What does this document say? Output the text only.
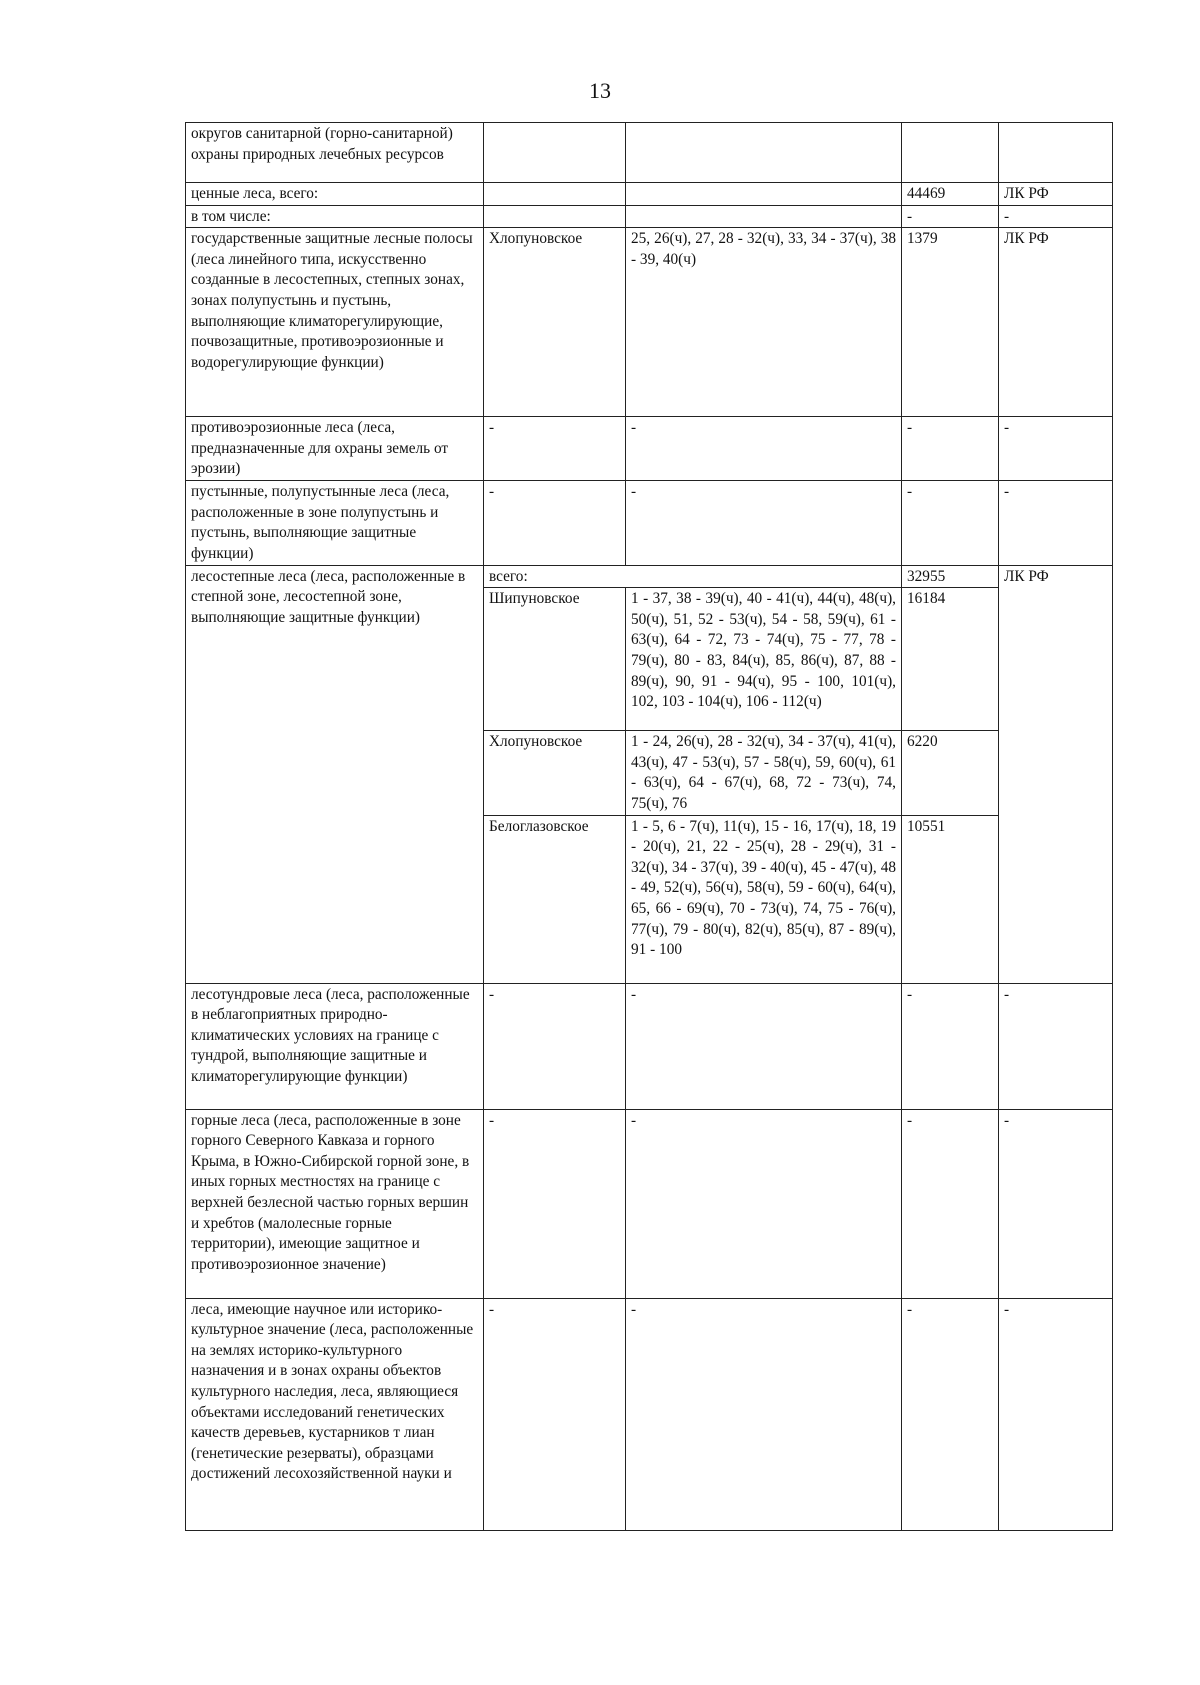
13
округов санитарной (горно-санитарной) охраны природных лечебных ресурсов				
ценные леса, всего:			44469	ЛК РФ
в том числе:			-	-
государственные защитные лесные полосы (леса линейного типа, искусственно созданные в лесостепных, степных зонах, зонах полупустынь и пустынь, выполняющие климаторегулирующие, почвозащитные, противоэрозионные и водорегулирующие функции)	Хлопуновское	25, 26(ч), 27, 28 - 32(ч), 33, 34 - 37(ч), 38 - 39, 40(ч)	1379	ЛК РФ
противоэрозионные леса (леса, предназначенные для охраны земель от эрозии)	-	-	-	-
пустынные, полупустынные леса (леса, расположенные в зоне полупустынь и пустынь, выполняющие защитные функции)	-	-	-	-
лесостепные леса (леса, расположенные в степной зоне, лесостепной зоне, выполняющие защитные функции)	всего:		32955	ЛК РФ
	Шипуновское	1 - 37, 38 - 39(ч), 40 - 41(ч), 44(ч), 48(ч), 50(ч), 51, 52 - 53(ч), 54 - 58, 59(ч), 61 - 63(ч), 64 - 72, 73 - 74(ч), 75 - 77, 78 - 79(ч), 80 - 83, 84(ч), 85, 86(ч), 87, 88 - 89(ч), 90, 91 - 94(ч), 95 - 100, 101(ч), 102, 103 - 104(ч), 106 - 112(ч)	16184	
	Хлопуновское	1 - 24, 26(ч), 28 - 32(ч), 34 - 37(ч), 41(ч), 43(ч), 47 - 53(ч), 57 - 58(ч), 59, 60(ч), 61 - 63(ч), 64 - 67(ч), 68, 72 - 73(ч), 74, 75(ч), 76	6220	
	Белоглазовское	1 - 5, 6 - 7(ч), 11(ч), 15 - 16, 17(ч), 18, 19 - 20(ч), 21, 22 - 25(ч), 28 - 29(ч), 31 - 32(ч), 34 - 37(ч), 39 - 40(ч), 45 - 47(ч), 48 - 49, 52(ч), 56(ч), 58(ч), 59 - 60(ч), 64(ч), 65, 66 - 69(ч), 70 - 73(ч), 74, 75 - 76(ч), 77(ч), 79 - 80(ч), 82(ч), 85(ч), 87 - 89(ч), 91 - 100	10551	
лесотундровые леса (леса, расположенные в неблагоприятных природно-климатических условиях на границе с тундрой, выполняющие защитные и климаторегулирующие функции)	-	-	-	-
горные леса (леса, расположенные в зоне горного Северного Кавказа и горного Крыма, в Южно-Сибирской горной зоне, в иных горных местностях на границе с верхней безлесной частью горных вершин и хребтов (малолесные горные территории), имеющие защитное и противоэрозионное значение)	-	-	-	-
леса, имеющие научное или историко-культурное значение (леса, расположенные на землях историко-культурного назначения и в зонах охраны объектов культурного наследия, леса, являющиеся объектами исследований генетических качеств деревьев, кустарников т лиан (генетические резерваты), образцами достижений лесохозяйственной науки и	-	-	-	-
